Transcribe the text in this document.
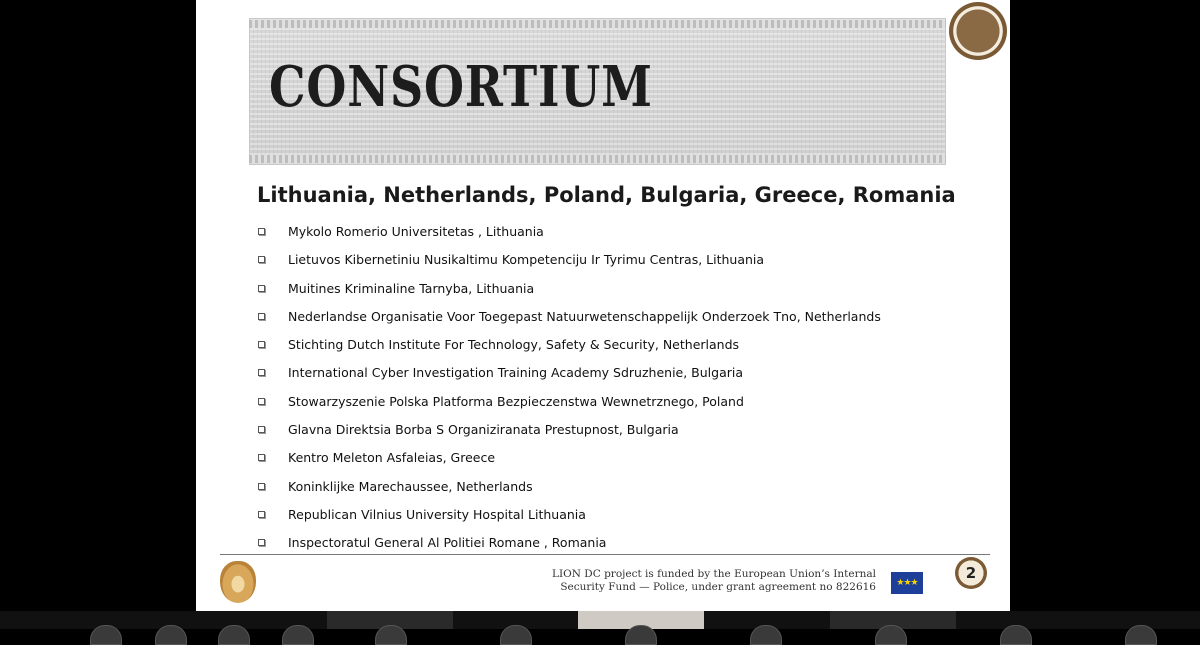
CONSORTIUM
Lithuania, Netherlands, Poland, Bulgaria, Greece, Romania
Mykolo Romerio Universitetas , Lithuania
Lietuvos Kibernetiniu Nusikaltimu Kompetenciju Ir Tyrimu Centras, Lithuania
Muitines Kriminaline Tarnyba, Lithuania
Nederlandse Organisatie Voor Toegepast Natuurwetenschappelijk Onderzoek Tno, Netherlands
Stichting Dutch Institute For Technology, Safety & Security, Netherlands
International Cyber Investigation Training Academy Sdruzhenie, Bulgaria
Stowarzyszenie Polska Platforma Bezpieczenstwa Wewnetrznego, Poland
Glavna Direktsia Borba S Organiziranata Prestupnost, Bulgaria
Kentro Meleton Asfaleias, Greece
Koninklijke Marechaussee, Netherlands
Republican Vilnius University Hospital Lithuania
Inspectoratul General Al Politiei Romane , Romania
LION DC project is funded by the European Union’s Internal
Security Fund — Police, under grant agreement no 822616	★★★
2
